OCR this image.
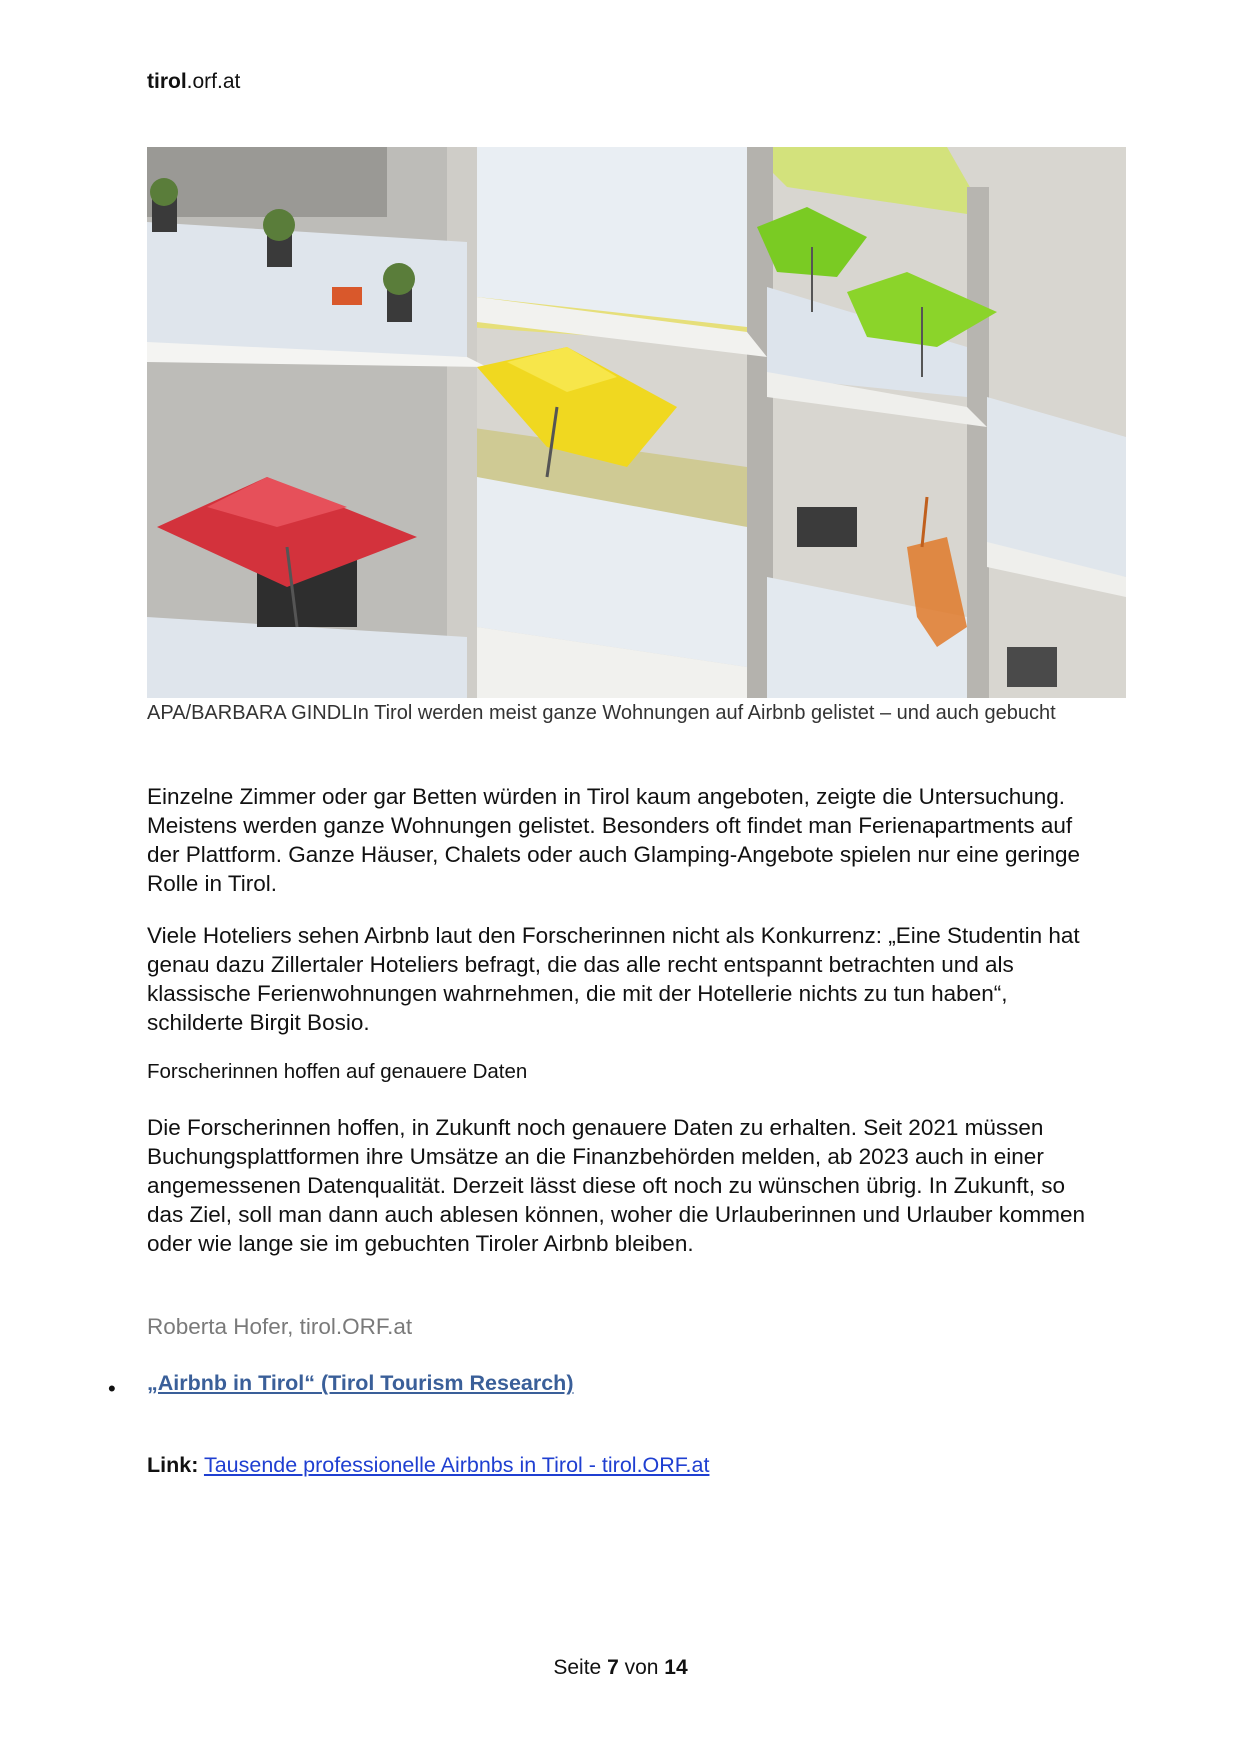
tirol.orf.at
APA/BARBARA GINDLIn Tirol werden meist ganze Wohnungen auf Airbnb gelistet – und auch gebucht

Einzelne Zimmer oder gar Betten würden in Tirol kaum angeboten, zeigte die Untersuchung. Meistens werden ganze Wohnungen gelistet. Besonders oft findet man Ferienapartments auf der Plattform. Ganze Häuser, Chalets oder auch Glamping-Angebote spielen nur eine geringe Rolle in Tirol.

Viele Hoteliers sehen Airbnb laut den Forscherinnen nicht als Konkurrenz: „Eine Studentin hat genau dazu Zillertaler Hoteliers befragt, die das alle recht entspannt betrachten und als klassische Ferienwohnungen wahrnehmen, die mit der Hotellerie nichts zu tun haben“, schilderte Birgit Bosio.

Forscherinnen hoffen auf genauere Daten

Die Forscherinnen hoffen, in Zukunft noch genauere Daten zu erhalten. Seit 2021 müssen Buchungsplattformen ihre Umsätze an die Finanzbehörden melden, ab 2023 auch in einer angemessenen Datenqualität. Derzeit lässt diese oft noch zu wünschen übrig. In Zukunft, so das Ziel, soll man dann auch ablesen können, woher die Urlauberinnen und Urlauber kommen oder wie lange sie im gebuchten Tiroler Airbnb bleiben.

Roberta Hofer, tirol.ORF.at
• „Airbnb in Tirol“ (Tirol Tourism Research)
Link: Tausende professionelle Airbnbs in Tirol - tirol.ORF.at
Seite 7 von 14
